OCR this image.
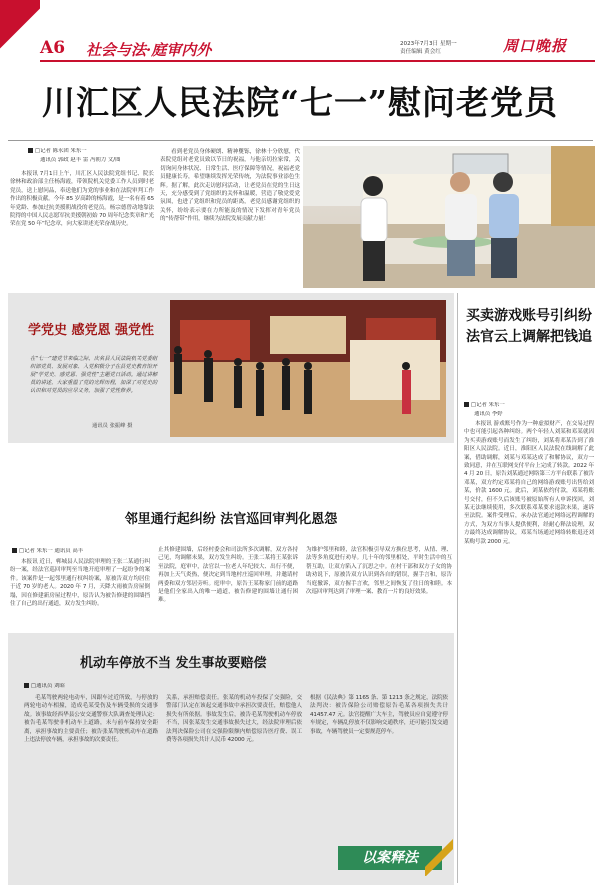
A6 社会与法·庭审内外	2023年7月3日 星期一
责任编辑 黄会红	周口晚报
川汇区人民法院“七一”慰问老党员
□记者 陈永团 朱东一
通讯员 郭政 赵丰 雷 冯朝力 文/图
本报讯 7月1日上午，川汇区人民法院党组书记、院长徐林和政治部主任杨海霞，带领院机关党委工作人员到时老党员，送上慰问品，奉送他们为党的事业和在法院审判工作作出的积极贡献。今年 85 岁高龄的杨海霞，是一名有着 65 年党龄、参加过抗美援朝战役的老党员。杨宗德曾动地靠法院得的中国人民志愿军抗美援朝初始 70 周年纪念奖章和“光荣在党 50 年”纪念章，向大家讲述光荣奋战历史。
看到老党员身体硬朗、精神矍铄，徐林十分欣慰，代表院党组对老党员致以节日的祝福，与他亲切拉家常，关切询问身体状况、日常生活、医疗保障等情况，祝福老党员健康长寿，希望继续发挥光荣传统，为法院事业添色生辉。据了解，此次走访慰问活动，让老党员在党的生日这天，充分感受到了党组织的关怀和温暖，营造了敬党爱党氛围，也进了党组织和党员的距离，老党员感谢党组织的关怀，纷纷表示要在力所能及的情况下发挥对青年党员的“传帮带”作用，继续为法院发展贡献力量！
学党史 感党恩 强党性
在“七一”建党节来临之际，庆名县人民法院机关党委组织部党员、发展对象、入党积极分子在县党史教育馆开展“学党史、感党恩、强党性”主题党日活动。通过讲解员的讲述，大家重温了党的光辉历程，加深了对党史的认识和对党员的应尽义务，加强了党性修养。
通讯员 张振峰 摄
买卖游戏账号引纠纷 法官云上调解把钱追
□记者 朱东一
通讯员 李婷
本报讯 游戏账号作为一种虚拟财产，在交易过程中也可能引起各种纠纷。两个年轻人刘某和邓某就因为买卖游戏账号而发生了纠纷，刘某将邓某告到了淮阳区人民法院。近日，淮阳区人民法院在线调解了此案，借助调解，刘某与邓某达成了和解协议，双方一致同意，并在互联网支付平台上完成了转款。2022 年 4 月 20 日，原告刘某通过网络第三方平台联系了被告邓某，双方约定邓某将自己的网络游戏账号出售给刘某，价款 1600 元。此后，刘某依约付款，邓某将账号交付，但不久后该账号被原始所有人申诉找回，刘某无法继续使用，多次联系邓某要求退款未果，遂诉至法院。案件受理后，承办法官通过网络远程调解的方式，为双方当事人提供便利，经耐心释法说理，双方最终达成调解协议，邓某当场通过网络转账退还刘某购号款 2000 元。
邻里通行起纠纷 法官巡回审判化恩怨
□记者 朱东一 通讯员 高丰
本报讯 近日，郸城县人民法院审理的王张二某通行纠纷一案，经法官巡回审判至当地开庭审理了一起纷争的案件。该案件是一起邻里通行权纠纷案，原被告双方均居住于近 70 岁的老人。2020 年 7 月，天降大雨被告房屋倒塌，因在修建新房屋过程中，原告认为被告修建的围墙挡住了自己的出行通道，双方发生纠纷。
止其修建围墙，后经村委会和司法所多次调解，双方各持己见，均调解未果，双方发生纠纷。王张二某将王某张诉至法院，庭审中，法官以一位老人年纪较大、出行不便，再加上天气炎热，便决定到当地村庄巡回审理，并邀请村两委和双方邻居旁听。庭审中，原告王某称家门前的道路是他们全家出入的唯一通道，被告修建的围墙让通行困难。
为维护邻里和睦，法官积极引导双方换位思考，从情、理、法等多角度进行劝导。几十年的邻里相处，平时生活中的互帮互助，让双方陷入了沉思之中。在村干部和双方子女的协助劝说下，原被告双方认识到各自的错误，握手言和，原告当庭撤诉，双方握手言欢，邻里之间恢复了往日的和睦。本次巡回审判达到了审理一案、教育一片的良好效果。
机动车停放不当 发生事故要赔偿
□通讯员 刘昭
毛某驾驶两轮电动车，因跟车过近所致，与停放的两轮电动车相撞，造成毛某受伤及车辆受损的交通事故。该事故经西华县公安交通警察大队调查处理认定：被告毛某驾驶非机动车上道路，未与前车保持安全距离，承担事故的主要责任；被告张某驾驶机动车在道路上违法停放车辆，承担事故的次要责任。
关系，承担赔偿责任。张某的机动车投保了交强险，交警部门认定在该起交通事故中承担次要责任，赔偿他人损失有所依据。事故发生后，被告毛某驾驶机动车停放不当，因张某发生交通事故损失过大，经法院审理后依法判决保险公司在交强险限额内赔偿原告医疗费、误工费等各项损失共计人民币 42000 元。
根据《民法典》第 1165 条、第 1213 条之规定，法院依法判决：被告保险公司赔偿原告毛某各项损失共计 41457.47 元。法官提醒广大车主，驾驶员应自觉遵守停车规定，车辆乱停放不仅影响交通秩序，还可能引发交通事故，车辆驾驶员一定要规范停车。
以案释法
